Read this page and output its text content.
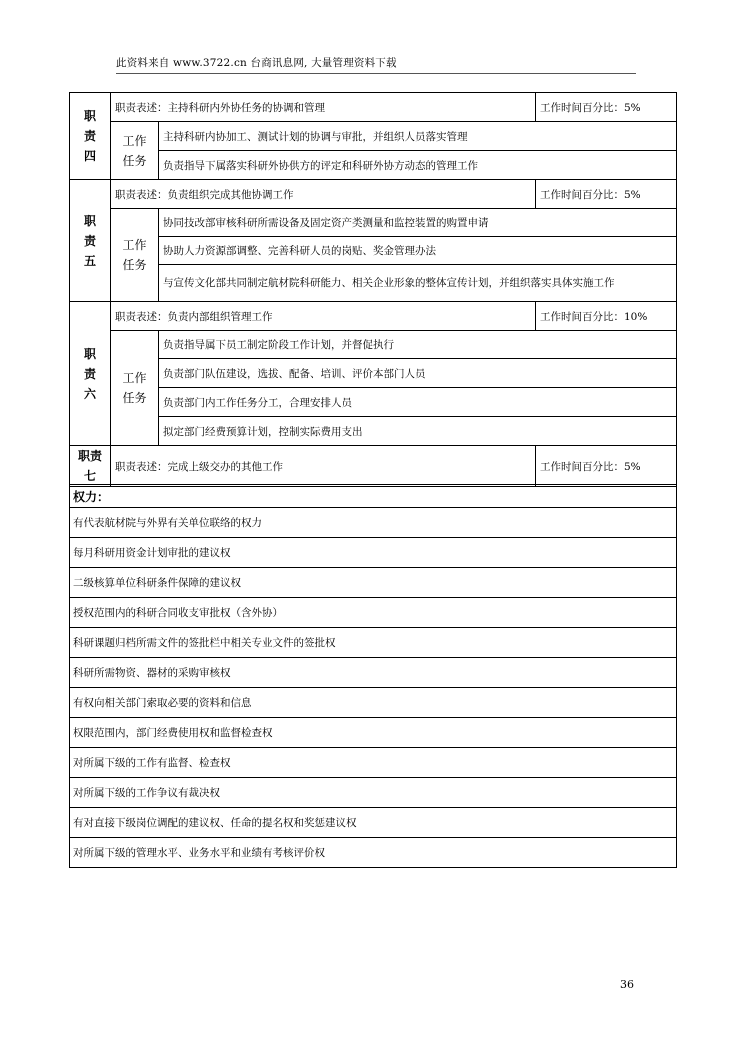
此资料来自 www.3722.cn 台商讯息网, 大量管理资料下载
职
责
四	职责表述：主持科研内外协任务的协调和管理		工作时间百分比：5%
	工作
任务	主持科研内协加工、测试计划的协调与审批，并组织人员落实管理	
		负责指导下属落实科研外协供方的评定和科研外协方动态的管理工作	
职
责
五	职责表述：负责组织完成其他协调工作		工作时间百分比：5%
	工作
任务	协同技改部审核科研所需设备及固定资产类测量和监控装置的购置申请	
		协助人力资源部调整、完善科研人员的岗贴、奖金管理办法	
		与宣传文化部共同制定航材院科研能力、相关企业形象的整体宣传计划，并组织落实具体实施工作	
职
责
六	职责表述：负责内部组织管理工作		工作时间百分比：10%
	工作
任务	负责指导属下员工制定阶段工作计划，并督促执行	
		负责部门队伍建设，选拔、配备、培训、评价本部门人员	
		负责部门内工作任务分工，合理安排人员	
		拟定部门经费预算计划，控制实际费用支出	
职责
七	职责表述：完成上级交办的其他工作		工作时间百分比：5%
权力：
有代表航材院与外界有关单位联络的权力
每月科研用资金计划审批的建议权
二级核算单位科研条件保障的建议权
授权范围内的科研合同收支审批权（含外协）
科研课题归档所需文件的签批栏中相关专业文件的签批权
科研所需物资、器材的采购审核权
有权向相关部门索取必要的资料和信息
权限范围内，部门经费使用权和监督检查权
对所属下级的工作有监督、检查权
对所属下级的工作争议有裁决权
有对直接下级岗位调配的建议权、任命的提名权和奖惩建议权
对所属下级的管理水平、业务水平和业绩有考核评价权
36
